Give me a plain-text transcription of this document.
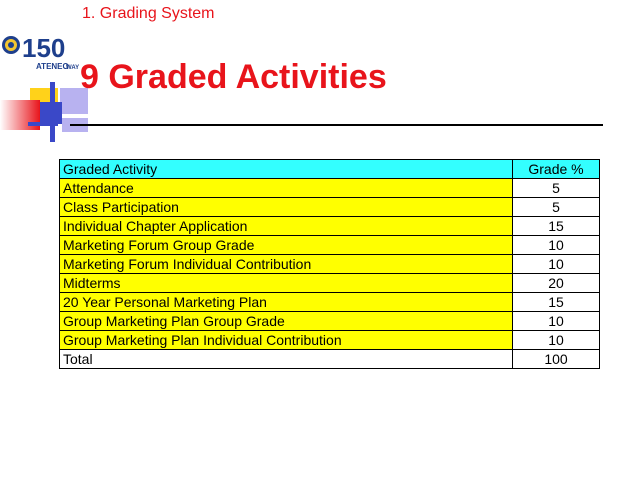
1. Grading System
150
ATENEO
WAY 9 Graded Activities
Graded Activity	Grade %
Attendance	5
Class Participation	5
Individual Chapter Application	15
Marketing Forum Group Grade	10
Marketing Forum Individual Contribution	10
Midterms	20
20 Year Personal Marketing Plan	15
Group Marketing Plan Group Grade	10
Group Marketing Plan Individual Contribution	10
Total	100
